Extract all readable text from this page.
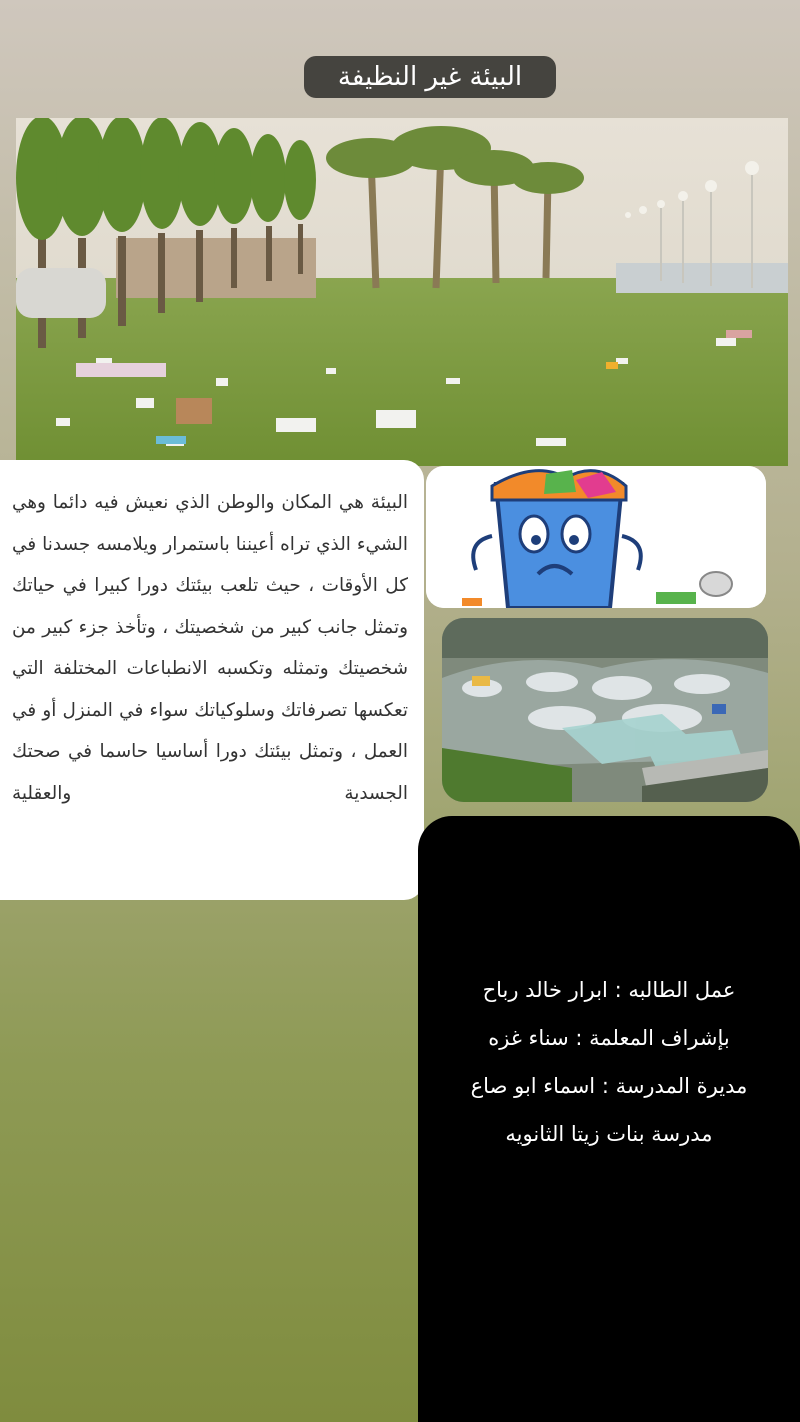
البيئة غير النظيفة

البيئة هي المكان والوطن الذي نعيش فيه دائما وهي الشيء الذي تراه أعيننا باستمرار ويلامسه جسدنا في كل الأوقات ، حيث تلعب بيئتك دورا كبيرا في حياتك وتمثل جانب كبير من شخصيتك ، وتأخذ جزء كبير من شخصيتك وتمثله وتكسبه الانطباعات المختلفة التي تعكسها تصرفاتك وسلوكياتك سواء في المنزل أو في العمل ، وتمثل بيئتك دورا أساسيا حاسما في صحتك الجسدية والعقلية

عمل الطالبه : ابرار خالد رباح
بإشراف المعلمة : سناء غزه
مديرة المدرسة : اسماء ابو صاع
مدرسة بنات زيتا الثانويه
